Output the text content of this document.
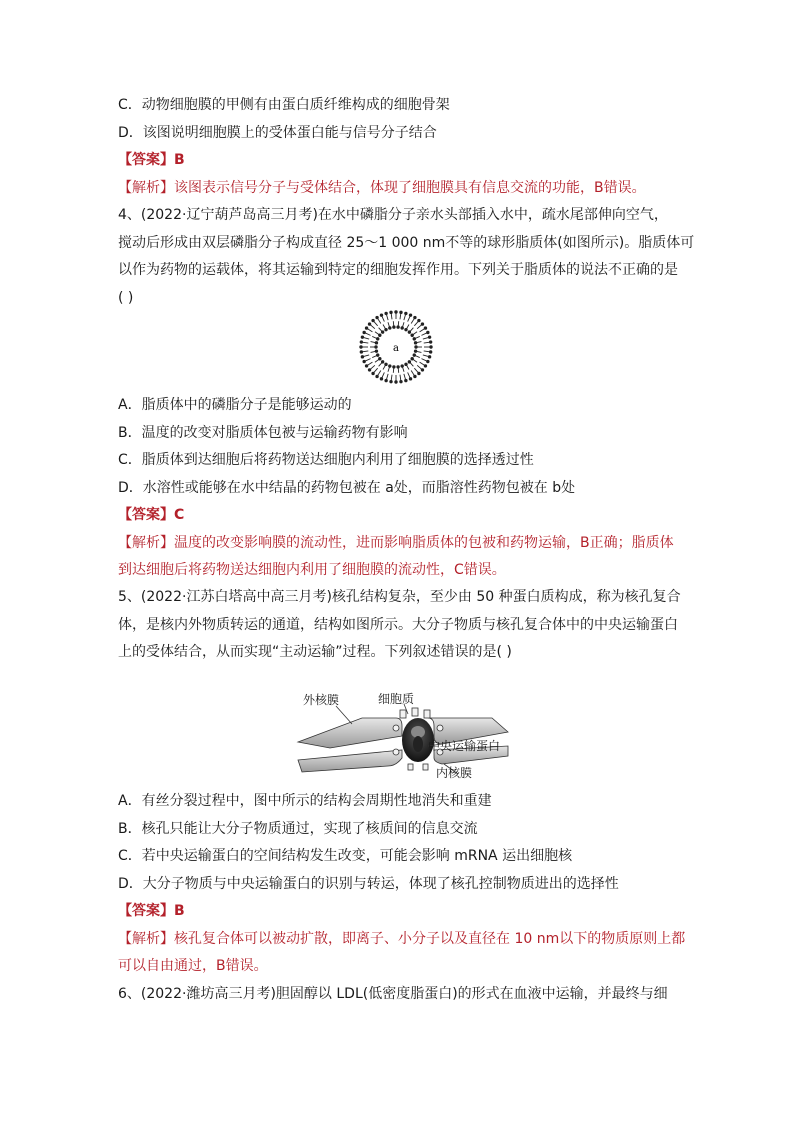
C．动物细胞膜的甲侧有由蛋白质纤维构成的细胞骨架
D．该图说明细胞膜上的受体蛋白能与信号分子结合
【答案】B
【解析】该图表示信号分子与受体结合，体现了细胞膜具有信息交流的功能，B错误。
4、(2022·辽宁葫芦岛高三月考)在水中磷脂分子亲水头部插入水中，疏水尾部伸向空气，
搅动后形成由双层磷脂分子构成直径 25～1 000 nm不等的球形脂质体(如图所示)。脂质体可
以作为药物的运载体，将其运输到特定的细胞发挥作用。下列关于脂质体的说法不正确的是
( )
a
A．脂质体中的磷脂分子是能够运动的
B．温度的改变对脂质体包被与运输药物有影响
C．脂质体到达细胞后将药物送达细胞内利用了细胞膜的选择透过性
D．水溶性或能够在水中结晶的药物包被在 a处，而脂溶性药物包被在 b处
【答案】C
【解析】温度的改变影响膜的流动性，进而影响脂质体的包被和药物运输，B正确；脂质体
到达细胞后将药物送达细胞内利用了细胞膜的流动性，C错误。
5、(2022·江苏白塔高中高三月考)核孔结构复杂，至少由 50 种蛋白质构成，称为核孔复合
体，是核内外物质转运的通道，结构如图所示。大分子物质与核孔复合体中的中央运输蛋白
上的受体结合，从而实现“主动运输”过程。下列叙述错误的是( )
外核膜	细胞质
中央运输蛋白
内核膜
A．有丝分裂过程中，图中所示的结构会周期性地消失和重建
B．核孔只能让大分子物质通过，实现了核质间的信息交流
C．若中央运输蛋白的空间结构发生改变，可能会影响 mRNA 运出细胞核
D．大分子物质与中央运输蛋白的识别与转运，体现了核孔控制物质进出的选择性
【答案】B
【解析】核孔复合体可以被动扩散，即离子、小分子以及直径在 10 nm以下的物质原则上都
可以自由通过，B错误。
6、(2022·潍坊高三月考)胆固醇以 LDL(低密度脂蛋白)的形式在血液中运输，并最终与细
